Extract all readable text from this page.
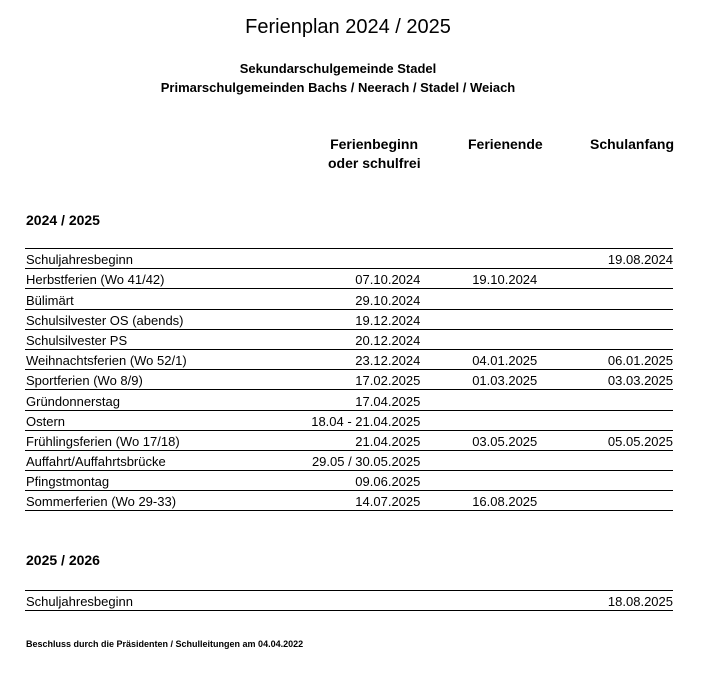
Ferienplan 2024 / 2025
Sekundarschulgemeinde Stadel
Primarschulgemeinden Bachs / Neerach / Stadel / Weiach
Ferienbeginn
oder schulfrei
Ferienende	Schulanfang
2024 / 2025
Schuljahresbeginn				19.08.2024
Herbstferien (Wo 41/42)	07.10.2024		19.10.2024	
Bülimärt	29.10.2024			
Schulsilvester OS (abends)	19.12.2024			
Schulsilvester PS	20.12.2024			
Weihnachtsferien (Wo 52/1)	23.12.2024		04.01.2025	06.01.2025
Sportferien (Wo 8/9)	17.02.2025		01.03.2025	03.03.2025
Gründonnerstag	17.04.2025			
Ostern	18.04 - 21.04.2025			
Frühlingsferien (Wo 17/18)	21.04.2025		03.05.2025	05.05.2025
Auffahrt/Auffahrtsbrücke	29.05 / 30.05.2025			
Pfingstmontag	09.06.2025			
Sommerferien (Wo 29-33)	14.07.2025		16.08.2025	
2025 / 2026
Schuljahresbeginn				18.08.2025
Beschluss durch die Präsidenten / Schulleitungen am 04.04.2022
